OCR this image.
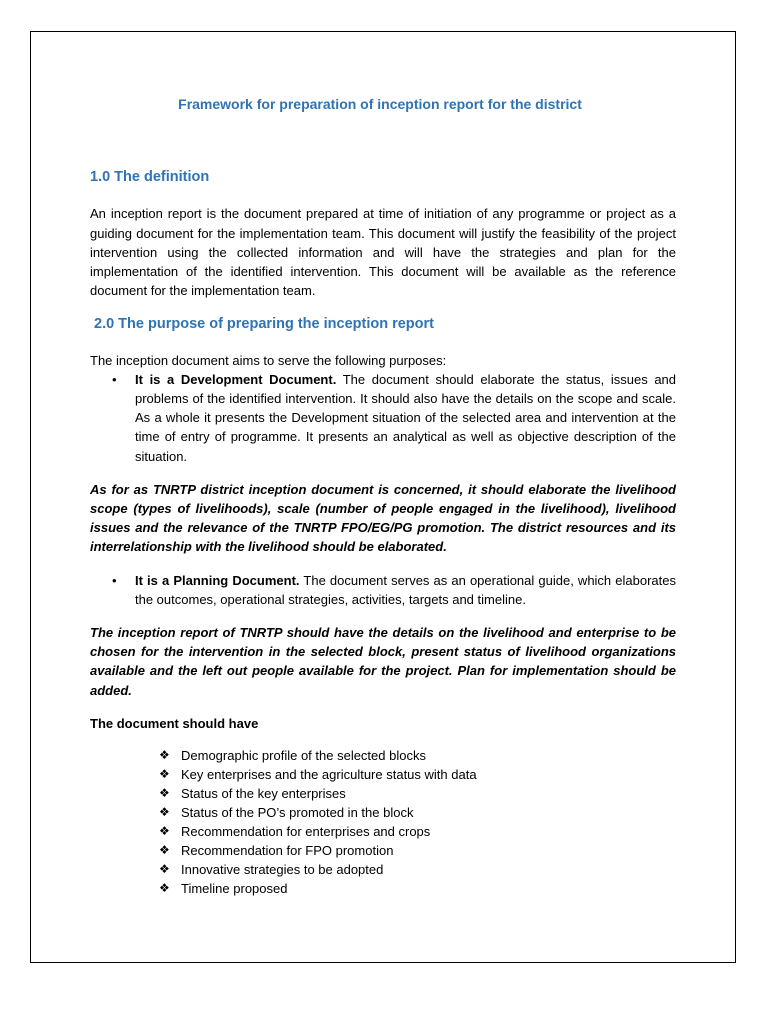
Framework for preparation of inception report for the district

1.0 The definition

An inception report is the document prepared at time of initiation of any programme or project as a guiding document for the implementation team. This document will justify the feasibility of the project intervention using the collected information and will have the strategies and plan for the implementation of the identified intervention. This document will be available as the reference document for the implementation team.

2.0 The purpose of preparing the inception report

The inception document aims to serve the following purposes:

• It is a Development Document. The document should elaborate the status, issues and problems of the identified intervention. It should also have the details on the scope and scale. As a whole it presents the Development situation of the selected area and intervention at the time of entry of programme. It presents an analytical as well as objective description of the situation.

As for as TNRTP district inception document is concerned, it should elaborate the livelihood scope (types of livelihoods), scale (number of people engaged in the livelihood), livelihood issues and the relevance of the TNRTP FPO/EG/PG promotion. The district resources and its interrelationship with the livelihood should be elaborated.

• It is a Planning Document. The document serves as an operational guide, which elaborates the outcomes, operational strategies, activities, targets and timeline.

The inception report of TNRTP should have the details on the livelihood and enterprise to be chosen for the intervention in the selected block, present status of livelihood organizations available and the left out people available for the project. Plan for implementation should be added.

The document should have

❖ Demographic profile of the selected blocks
❖ Key enterprises and the agriculture status with data
❖ Status of the key enterprises
❖ Status of the PO’s promoted in the block
❖ Recommendation for enterprises and crops
❖ Recommendation for FPO promotion
❖ Innovative strategies to be adopted
❖ Timeline proposed
